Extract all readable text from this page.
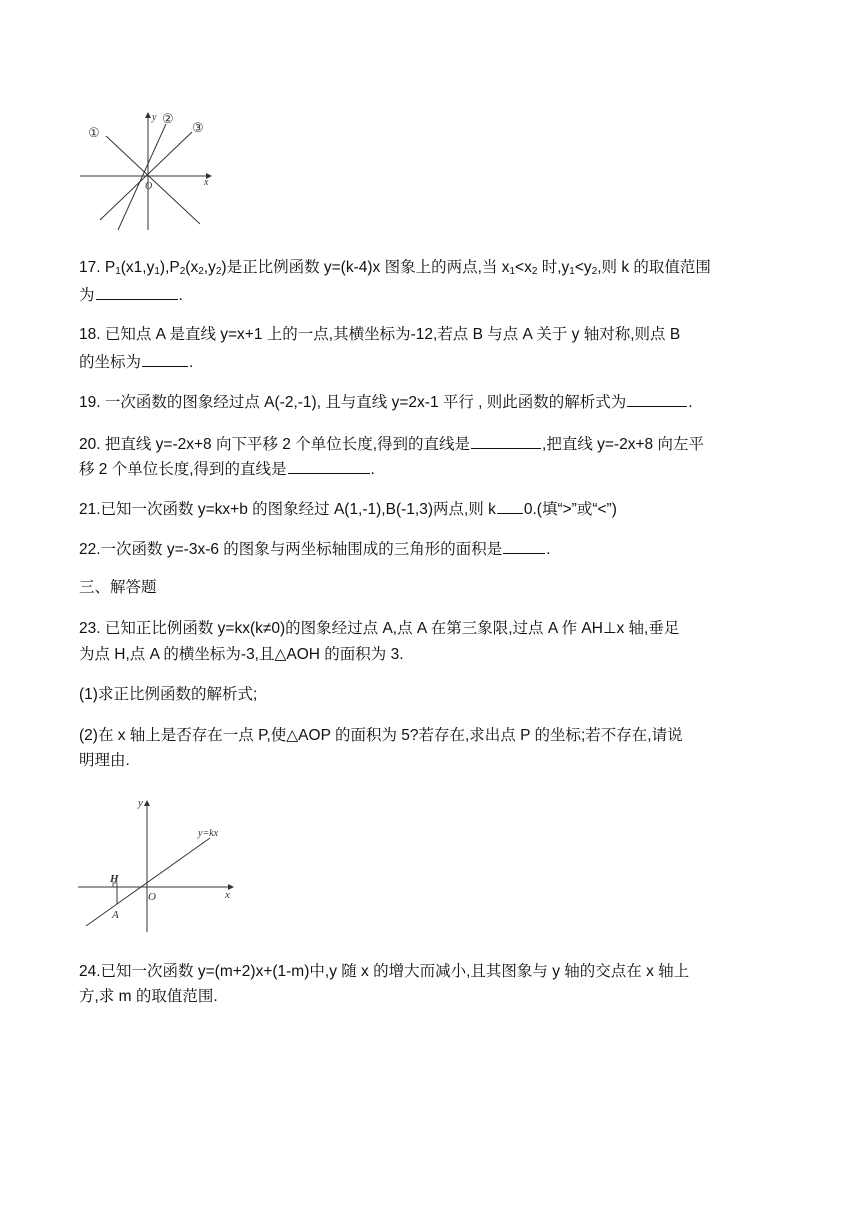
①
②
③
y
x
O
17. $P_1(x1,y_1),P_2(x_2,y_2)$是正比例函数 y=(k-4)x 图象上的两点,当 $x_1<x_2$ 时$,y_1<y_2$,则 k 的取值范围
为	.
18. 已知点 A 是直线 y=x+1 上的一点,其横坐标为-12,若点 B 与点 A 关于 y 轴对称,则点 B
的坐标为	.
19. 一次函数的图象经过点 A(-2,-1), 且与直线 y=2x-1 平行 , 则此函数的解析式为	.
20. 把直线 y=-2x+8 向下平移 2 个单位长度,得到的直线是	,把直线 y=-2x+8 向左平
移 2 个单位长度,得到的直线是	.
21.已知一次函数 y=kx+b 的图象经过 A(1,-1),B(-1,3)两点,则 k 0.(填“>”或“<”)
22.一次函数 y=-3x-6 的图象与两坐标轴围成的三角形的面积是	.
三、解答题
23. 已知正比例函数 y=kx(k≠0)的图象经过点 A,点 A 在第三象限,过点 A 作 AH⊥x 轴,垂足
为点 H,点 A 的横坐标为-3,且△AOH 的面积为 3.
(1)求正比例函数的解析式;
(2)在 x 轴上是否存在一点 P,使△AOP 的面积为 5?若存在,求出点 P 的坐标;若不存在,请说
明理由.
y
x
O
y=kx
H
A
24.已知一次函数 y=(m+2)x+(1-m)中,y 随 x 的增大而减小,且其图象与 y 轴的交点在 x 轴上
方,求 m 的取值范围.
